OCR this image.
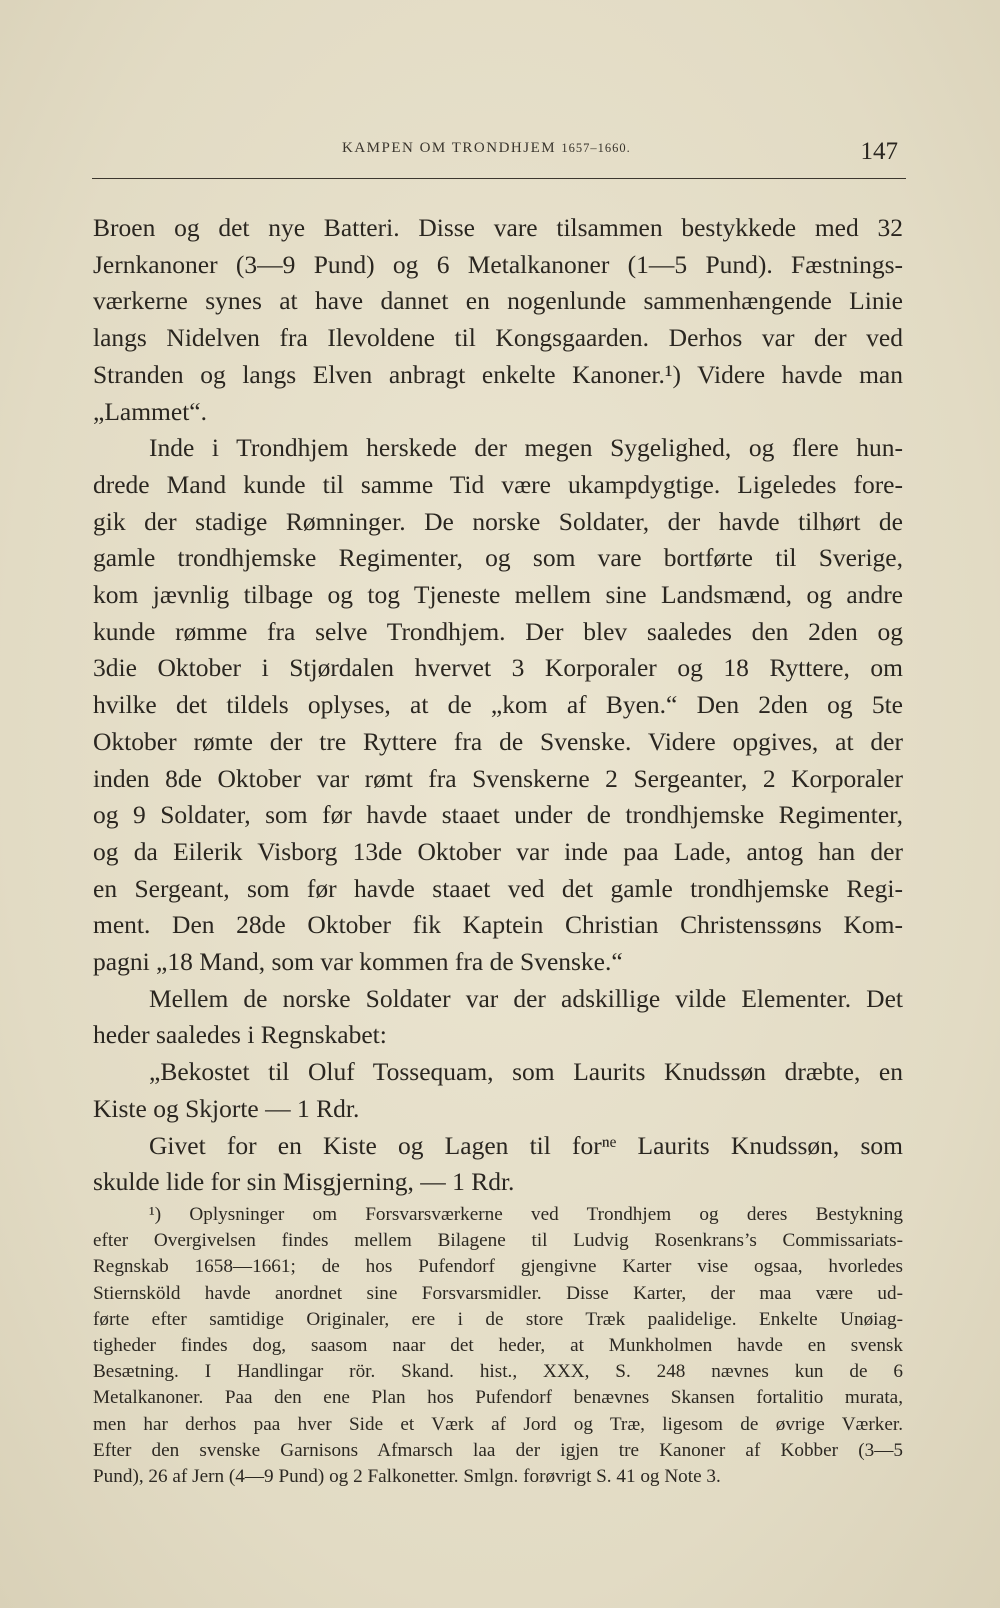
KAMPEN OM TRONDHJEM 1657–1660.	147
Broen og det nye Batteri. Disse vare tilsammen bestykkede med 32
Jernkanoner (3—9 Pund) og 6 Metalkanoner (1—5 Pund). Fæstnings-
værkerne synes at have dannet en nogenlunde sammenhængende Linie
langs Nidelven fra Ilevoldene til Kongsgaarden. Derhos var der ved
Stranden og langs Elven anbragt enkelte Kanoner.¹) Videre havde man
„Lammet“.
Inde i Trondhjem herskede der megen Sygelighed, og flere hun-
drede Mand kunde til samme Tid være ukampdygtige. Ligeledes fore-
gik der stadige Rømninger. De norske Soldater, der havde tilhørt de
gamle trondhjemske Regimenter, og som vare bortførte til Sverige,
kom jævnlig tilbage og tog Tjeneste mellem sine Landsmænd, og andre
kunde rømme fra selve Trondhjem. Der blev saaledes den 2den og
3die Oktober i Stjørdalen hvervet 3 Korporaler og 18 Ryttere, om
hvilke det tildels oplyses, at de „kom af Byen.“ Den 2den og 5te
Oktober rømte der tre Ryttere fra de Svenske. Videre opgives, at der
inden 8de Oktober var rømt fra Svenskerne 2 Sergeanter, 2 Korporaler
og 9 Soldater, som før havde staaet under de trondhjemske Regimenter,
og da Eilerik Visborg 13de Oktober var inde paa Lade, antog han der
en Sergeant, som før havde staaet ved det gamle trondhjemske Regi-
ment. Den 28de Oktober fik Kaptein Christian Christenssøns Kom-
pagni „18 Mand, som var kommen fra de Svenske.“
Mellem de norske Soldater var der adskillige vilde Elementer. Det
heder saaledes i Regnskabet:
„Bekostet til Oluf Tossequam, som Laurits Knudssøn dræbte, en
Kiste og Skjorte — 1 Rdr.
Givet for en Kiste og Lagen til forⁿᵉ Laurits Knudssøn, som
skulde lide for sin Misgjerning, — 1 Rdr.
¹) Oplysninger om Forsvarsværkerne ved Trondhjem og deres Bestykning
efter Overgivelsen findes mellem Bilagene til Ludvig Rosenkrans’s Commissariats-
Regnskab 1658—1661; de hos Pufendorf gjengivne Karter vise ogsaa, hvorledes
Stiernsköld havde anordnet sine Forsvarsmidler. Disse Karter, der maa være ud-
førte efter samtidige Originaler, ere i de store Træk paalidelige. Enkelte Unøiag-
tigheder findes dog, saasom naar det heder, at Munkholmen havde en svensk
Besætning. I Handlingar rör. Skand. hist., XXX, S. 248 nævnes kun de 6
Metalkanoner. Paa den ene Plan hos Pufendorf benævnes Skansen fortalitio murata,
men har derhos paa hver Side et Værk af Jord og Træ, ligesom de øvrige Værker.
Efter den svenske Garnisons Afmarsch laa der igjen tre Kanoner af Kobber (3—5
Pund), 26 af Jern (4—9 Pund) og 2 Falkonetter. Smlgn. forøvrigt S. 41 og Note 3.
